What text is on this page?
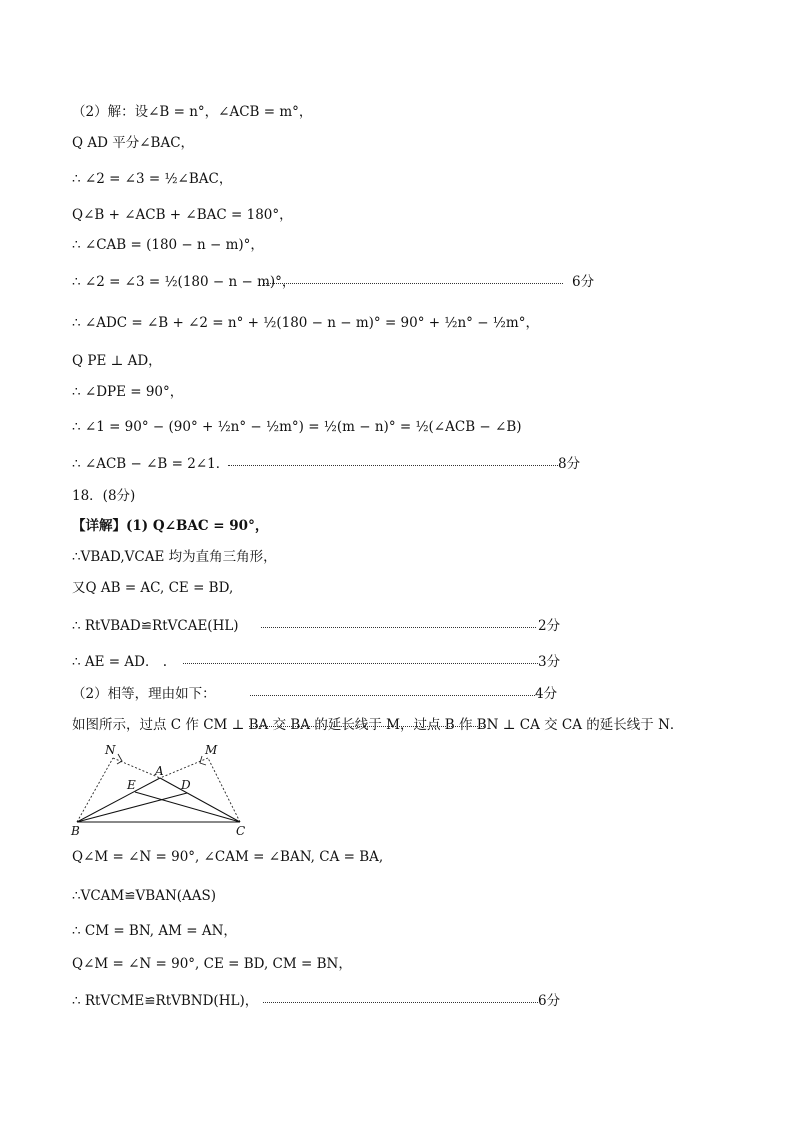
（2）解：设∠B = n°，∠ACB = m°，
Q AD 平分∠BAC，
∴ ∠2 = ∠3 = ½∠BAC，
Q∠B + ∠ACB + ∠BAC = 180°，
∴ ∠CAB = (180 − n − m)°，
∴ ∠2 = ∠3 = ½(180 − n − m)°，	6分
∴ ∠ADC = ∠B + ∠2 = n° + ½(180 − n − m)° = 90° + ½n° − ½m°，
Q PE ⊥ AD，
∴ ∠DPE = 90°，
∴ ∠1 = 90° − (90° + ½n° − ½m°) = ½(m − n)° = ½(∠ACB − ∠B)
∴ ∠ACB − ∠B = 2∠1．	8分
18．(8分)
【详解】(1) Q∠BAC = 90°，
∴VBAD,VCAE 均为直角三角形，
又Q AB = AC, CE = BD,
∴ RtVBAD≌RtVCAE(HL)	2分
∴ AE = AD． .	3分
（2）相等，理由如下：	4分
如图所示，过点 C 作 CM ⊥ BA 交 BA 的延长线于 M，过点 B 作 BN ⊥ CA 交 CA 的延长线于 N．
N	M
A
E	D
B	C
Q∠M = ∠N = 90°, ∠CAM = ∠BAN, CA = BA,
∴VCAM≌VBAN(AAS)
∴ CM = BN, AM = AN，
Q∠M = ∠N = 90°, CE = BD, CM = BN，
∴ RtVCME≌RtVBND(HL)，	6分
